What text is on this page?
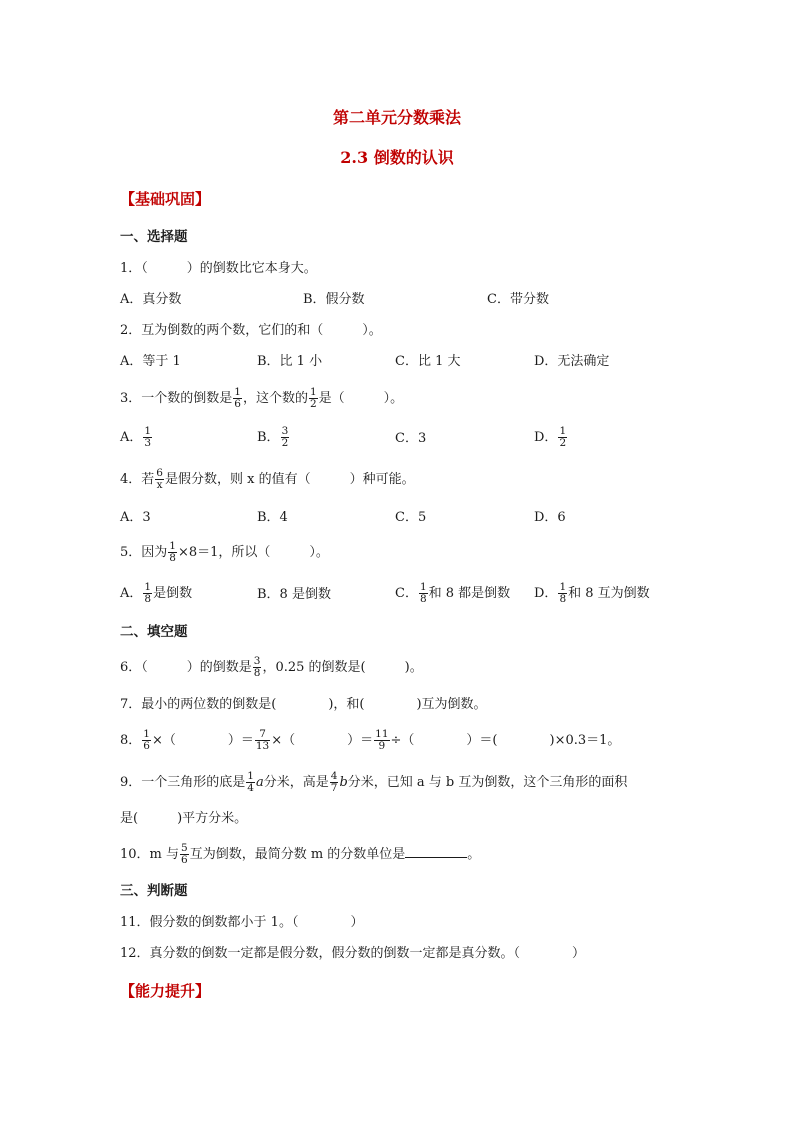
第二单元分数乘法
2.3 倒数的认识
【基础巩固】
一、选择题
1．（　　　）的倒数比它本身大。
A．真分数	B．假分数	C．带分数
2．互为倒数的两个数，它们的和（　　　）。
A．等于 1	B．比 1 小	C．比 1 大	D．无法确定
3．一个数的倒数是 $\frac{1}{6}$ ，这个数的 $\frac{1}{2}$ 是（　　　）。
A． $\frac{1}{3}$	B． $\frac{3}{2}$	C．3	D． $\frac{1}{2}$
4．若 $\frac{6}{x}$ 是假分数，则 x 的值有（　　　）种可能。
A．3	B．4	C．5	D．6
5．因为 $\frac{1}{8} \times 8=1$，所以（　　　）。
A． $\frac{1}{8}$ 是倒数	B．8 是倒数	C． $\frac{1}{8}$ 和 8 都是倒数 D． $\frac{1}{8}$ 和 8 互为倒数
二、填空题
6．（　　　）的倒数是 $\frac{3}{8}$ ，0.25 的倒数是(　　　)。
7．最小的两位数的倒数是(　　　　)，和(　　　　)互为倒数。
8． $\frac{1}{6}$ ×（　　　　）＝ $\frac{7}{13}$ ×（　　　　）＝ $\frac{11}{9}$ ÷（　　　　）＝(　　　　)×0.3＝1。
9．一个三角形的底是 $\frac{1}{4}$ a分米，高是 $\frac{4}{7}$ b分米，已知 a 与 b 互为倒数，这个三角形的面积
是(　　　)平方分米。
10．m 与 $\frac{5}{6}$ 互为倒数，最简分数 m 的分数单位是	。
三、判断题
11．假分数的倒数都小于 1。（　　　　）
12．真分数的倒数一定都是假分数，假分数的倒数一定都是真分数。（　　　　）
【能力提升】
